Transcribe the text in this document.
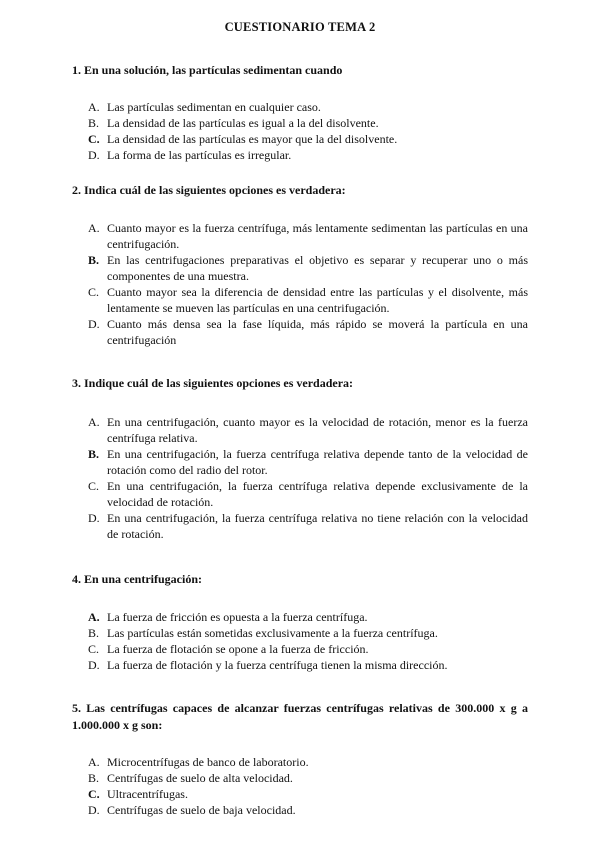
CUESTIONARIO TEMA 2
1. En una solución, las partículas sedimentan cuando
A. Las partículas sedimentan en cualquier caso.
B. La densidad de las partículas es igual a la del disolvente.
C. La densidad de las partículas es mayor que la del disolvente.
D. La forma de las partículas es irregular.
2. Indica cuál de las siguientes opciones es verdadera:
A. Cuanto mayor es la fuerza centrífuga, más lentamente sedimentan las partículas en una centrifugación.
B. En las centrifugaciones preparativas el objetivo es separar y recuperar uno o más componentes de una muestra.
C. Cuanto mayor sea la diferencia de densidad entre las partículas y el disolvente, más lentamente se mueven las partículas en una centrifugación.
D. Cuanto más densa sea la fase líquida, más rápido se moverá la partícula en una centrifugación
3. Indique cuál de las siguientes opciones es verdadera:
A. En una centrifugación, cuanto mayor es la velocidad de rotación, menor es la fuerza centrífuga relativa.
B. En una centrifugación, la fuerza centrífuga relativa depende tanto de la velocidad de rotación como del radio del rotor.
C. En una centrifugación, la fuerza centrífuga relativa depende exclusivamente de la velocidad de rotación.
D. En una centrifugación, la fuerza centrífuga relativa no tiene relación con la velocidad de rotación.
4. En una centrifugación:
A. La fuerza de fricción es opuesta a la fuerza centrífuga.
B. Las partículas están sometidas exclusivamente a la fuerza centrífuga.
C. La fuerza de flotación se opone a la fuerza de fricción.
D. La fuerza de flotación y la fuerza centrífuga tienen la misma dirección.
5. Las centrífugas capaces de alcanzar fuerzas centrífugas relativas de 300.000 x g a 1.000.000 x g son:
A. Microcentrífugas de banco de laboratorio.
B. Centrífugas de suelo de alta velocidad.
C. Ultracentrífugas.
D. Centrífugas de suelo de baja velocidad.
